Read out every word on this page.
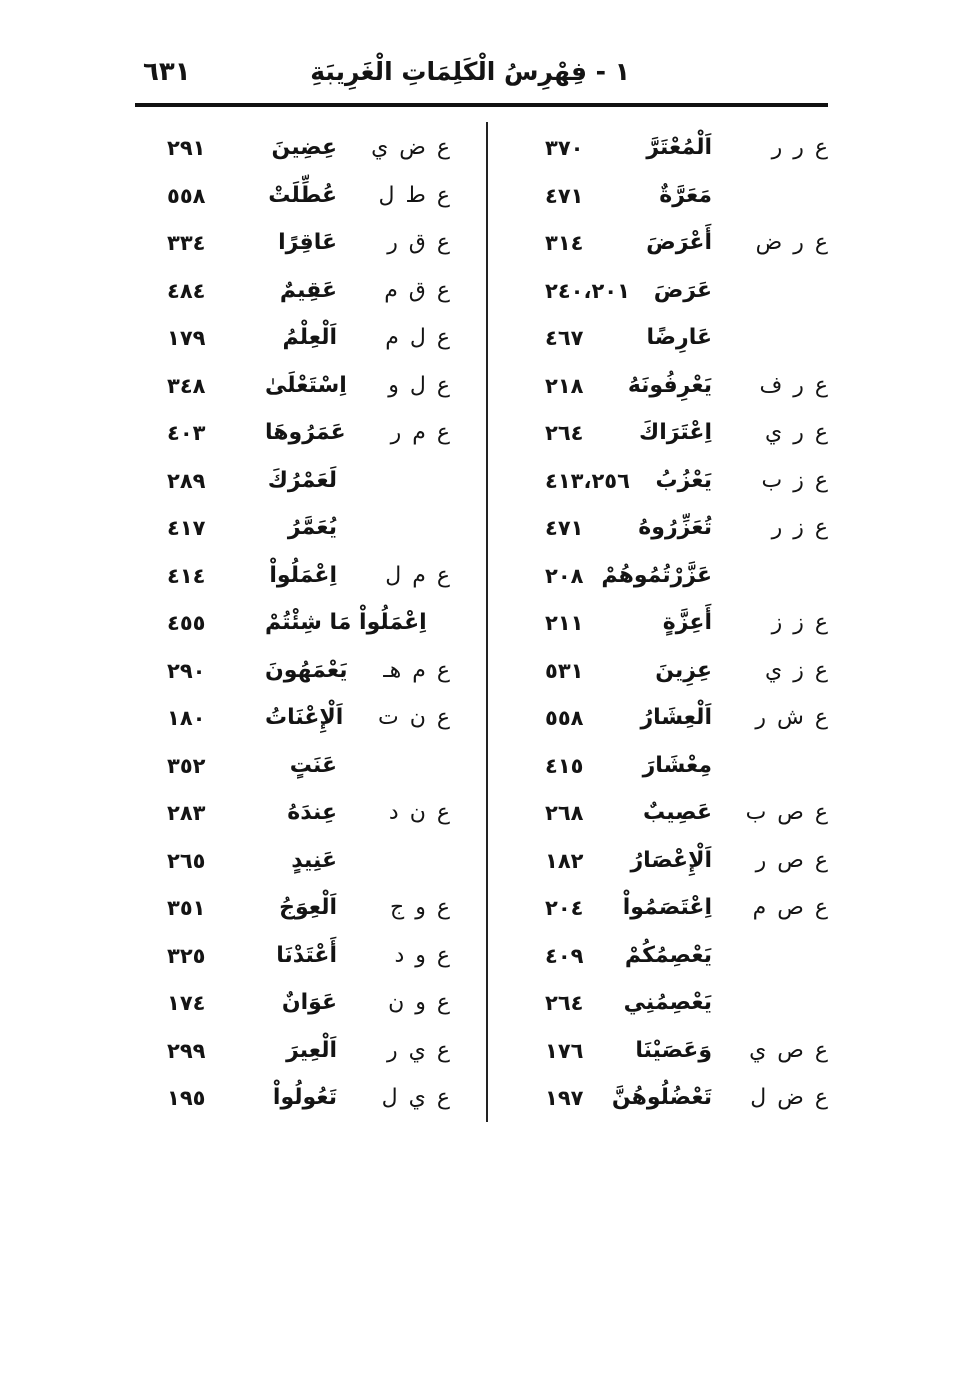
٦٣١	١ - فِهْرِسُ الْكَلِمَاتِ الْغَرِيبَةِ
ع ر ر
اَلْمُعْتَرَّ
٣٧٠
مَعَرَّةٌ
٤٧١
ع ر ض
أَعْرَضَ
٣١٤
عَرَضَ
٢٠١
،
٢٤٠
عَارِضًا
٤٦٧
ع ر ف
يَعْرِفُونَهُ
٢١٨
ع ر ي
اِعْتَرَاكَ
٢٦٤
ع ز ب
يَعْزُبُ
٢٥٦
،
٤١٣
ع ز ر
تُعَزِّرُوهُ
٤٧١
عَزَّرْتُمُوهُمْ
٢٠٨
ع ز ز
أَعِزَّةٍ
٢١١
ع ز ي
عِزِينَ
٥٣١
ع ش ر
اَلْعِشَارُ
٥٥٨
مِعْشَارَ
٤١٥
ع ص ب
عَصِيبٌ
٢٦٨
ع ص ر
اَلْإِعْصَارُ
١٨٢
ع ص م
اِعْتَصَمُواْ
٢٠٤
يَعْصِمُكُمْ
٤٠٩
يَعْصِمُنِي
٢٦٤
ع ص ي
وَعَصَيْنَا
١٧٦
ع ض ل
تَعْضُلُوهُنَّ
١٩٧
ع ض ي
عِضِينَ
٢٩١
ع ط ل
عُطِّلَتْ
٥٥٨
ع ق ر
عَاقِرًا
٣٣٤
ع ق م
عَقِيمٌ
٤٨٤
ع ل م
اَلْعِلْمُ
١٧٩
ع ل و
اِسْتَعْلَىٰ
٣٤٨
ع م ر
عَمَرُوهَا
٤٠٣
لَعَمْرُكَ
٢٨٩
يُعَمَّرُ
٤١٧
ع م ل
اِعْمَلُواْ
٤١٤
اِعْمَلُواْ مَا شِئْتُمْ
٤٥٥
ع م هـ
يَعْمَهُونَ
٢٩٠
ع ن ت
اَلْإِعْنَاتُ
١٨٠
عَنَتٍ
٣٥٢
ع ن د
عِندَهُ
٢٨٣
عَنِيدٍ
٢٦٥
ع و ج
اَلْعِوَجُ
٣٥١
ع و د
أَعْتَدْنَا
٣٢٥
ع و ن
عَوَانٌ
١٧٤
ع ي ر
اَلْعِيرَ
٢٩٩
ع ي ل
تَعُولُواْ
١٩٥
